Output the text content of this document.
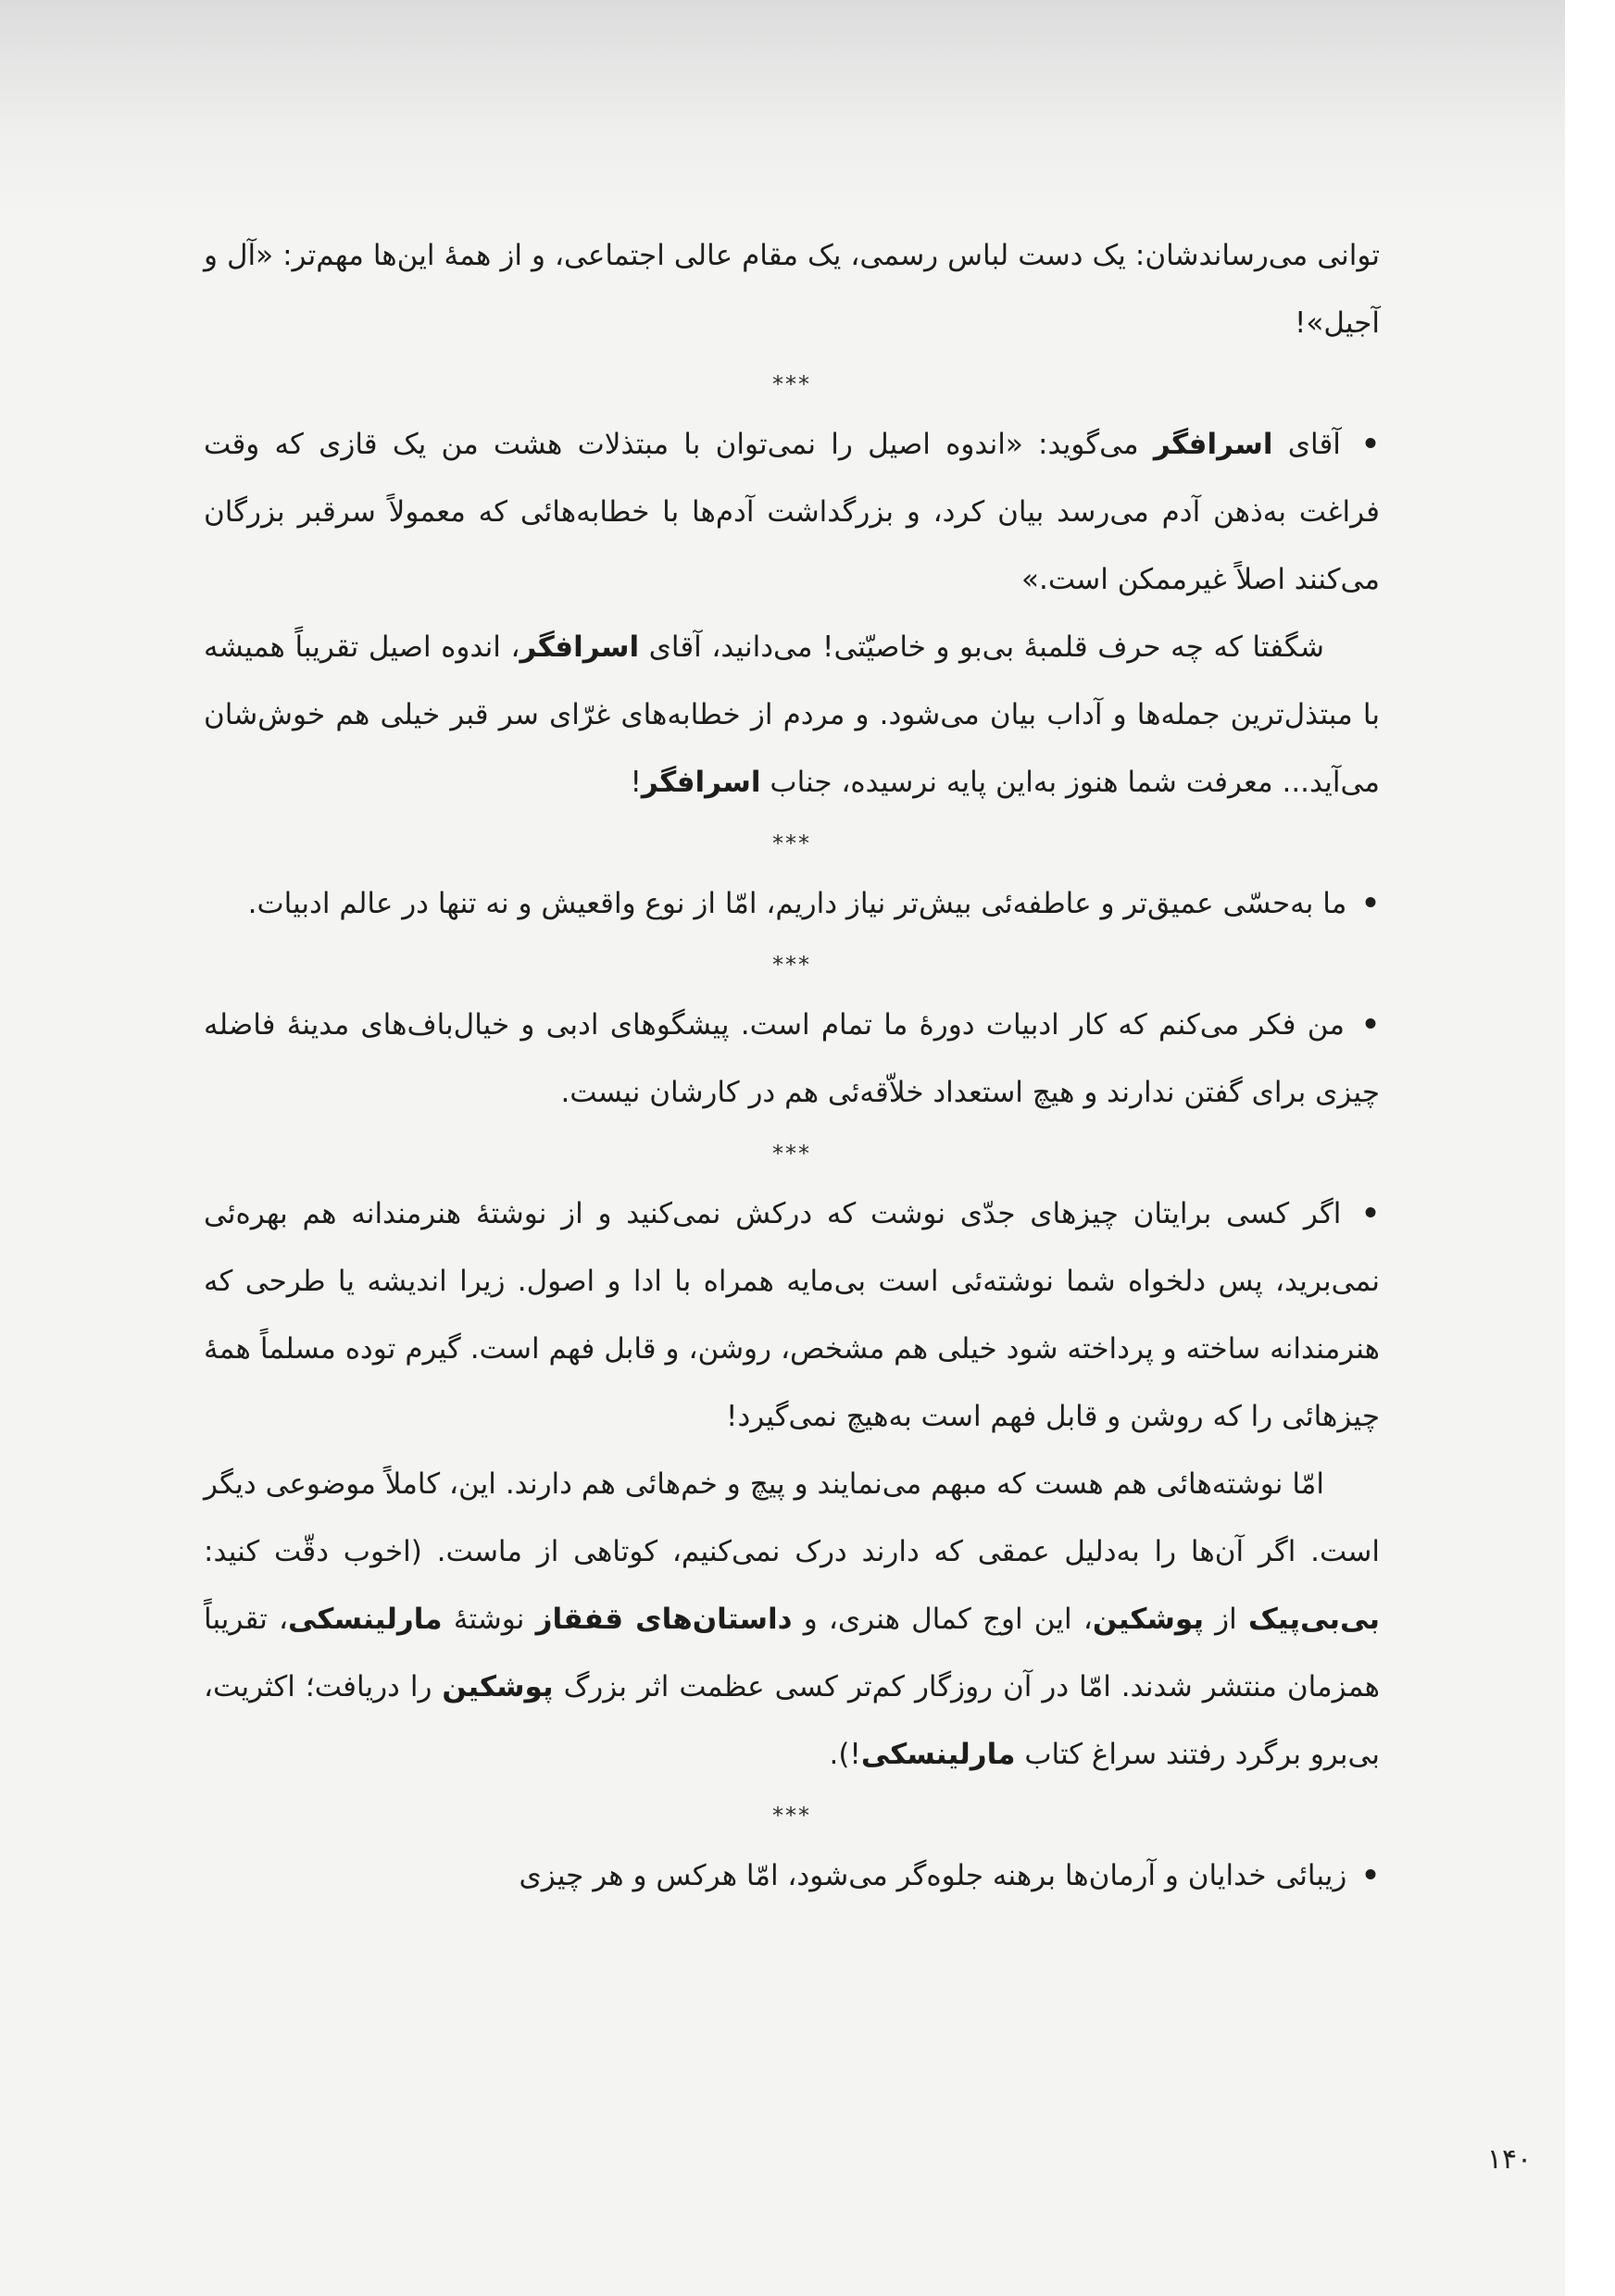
توانی می‌رساندشان: یک دست لباس رسمی، یک مقام عالی اجتماعی، و از همهٔ این‌ها مهم‌تر: «آل و آجیل»!

***

• آقای اسرافگر می‌گوید: «اندوه اصیل را نمی‌توان با مبتذلات هشت من یک قازی که وقت فراغت به‌ذهن آدم می‌رسد بیان کرد، و بزرگداشت آدم‌ها با خطابه‌هائی که معمولاً سرقبر بزرگان می‌کنند اصلاً غیرممکن است.»

شگفتا که چه حرف قلمبهٔ بی‌بو و خاصیّتی! می‌دانید، آقای اسرافگر، اندوه اصیل تقریباً همیشه با مبتذل‌ترین جمله‌ها و آداب بیان می‌شود. و مردم از خطابه‌های غرّای سر قبر خیلی هم خوش‌شان می‌آید... معرفت شما هنوز به‌این پایه نرسیده، جناب اسرافگر!

***

• ما به‌حسّی عمیق‌تر و عاطفه‌ئی بیش‌تر نیاز داریم، امّا از نوع واقعیش و نه تنها در عالم ادبیات.

***

• من فکر می‌کنم که کار ادبیات دورهٔ ما تمام است. پیشگوهای ادبی و خیال‌باف‌های مدینهٔ فاضله چیزی برای گفتن ندارند و هیچ استعداد خلاّقه‌ئی هم در کارشان نیست.

***

• اگر کسی برایتان چیزهای جدّی نوشت که درکش نمی‌کنید و از نوشتهٔ هنرمندانه هم بهره‌ئی نمی‌برید، پس دلخواه شما نوشته‌ئی است بی‌مایه همراه با ادا و اصول. زیرا اندیشه یا طرحی که هنرمندانه ساخته و پرداخته شود خیلی هم مشخص، روشن، و قابل فهم است. گیرم توده مسلماً همهٔ چیزهائی را که روشن و قابل فهم است به‌هیچ نمی‌گیرد!

امّا نوشته‌هائی هم هست که مبهم می‌نمایند و پیچ و خم‌هائی هم دارند. این، کاملاً موضوعی دیگر است. اگر آن‌ها را به‌دلیل عمقی که دارند درک نمی‌کنیم، کوتاهی از ماست. (اخوب دقّت کنید: بی‌بی‌پیک از پوشکین، این اوج کمال هنری، و داستان‌های قفقاز نوشتهٔ مارلینسکی، تقریباً همزمان منتشر شدند. امّا در آن روزگار کم‌تر کسی عظمت اثر بزرگ پوشکین را دریافت؛ اکثریت، بی‌برو برگرد رفتند سراغ کتاب مارلینسکی!).

***

• زیبائی خدایان و آرمان‌ها برهنه جلوه‌گر می‌شود، امّا هرکس و هر چیزی

۱۴۰
